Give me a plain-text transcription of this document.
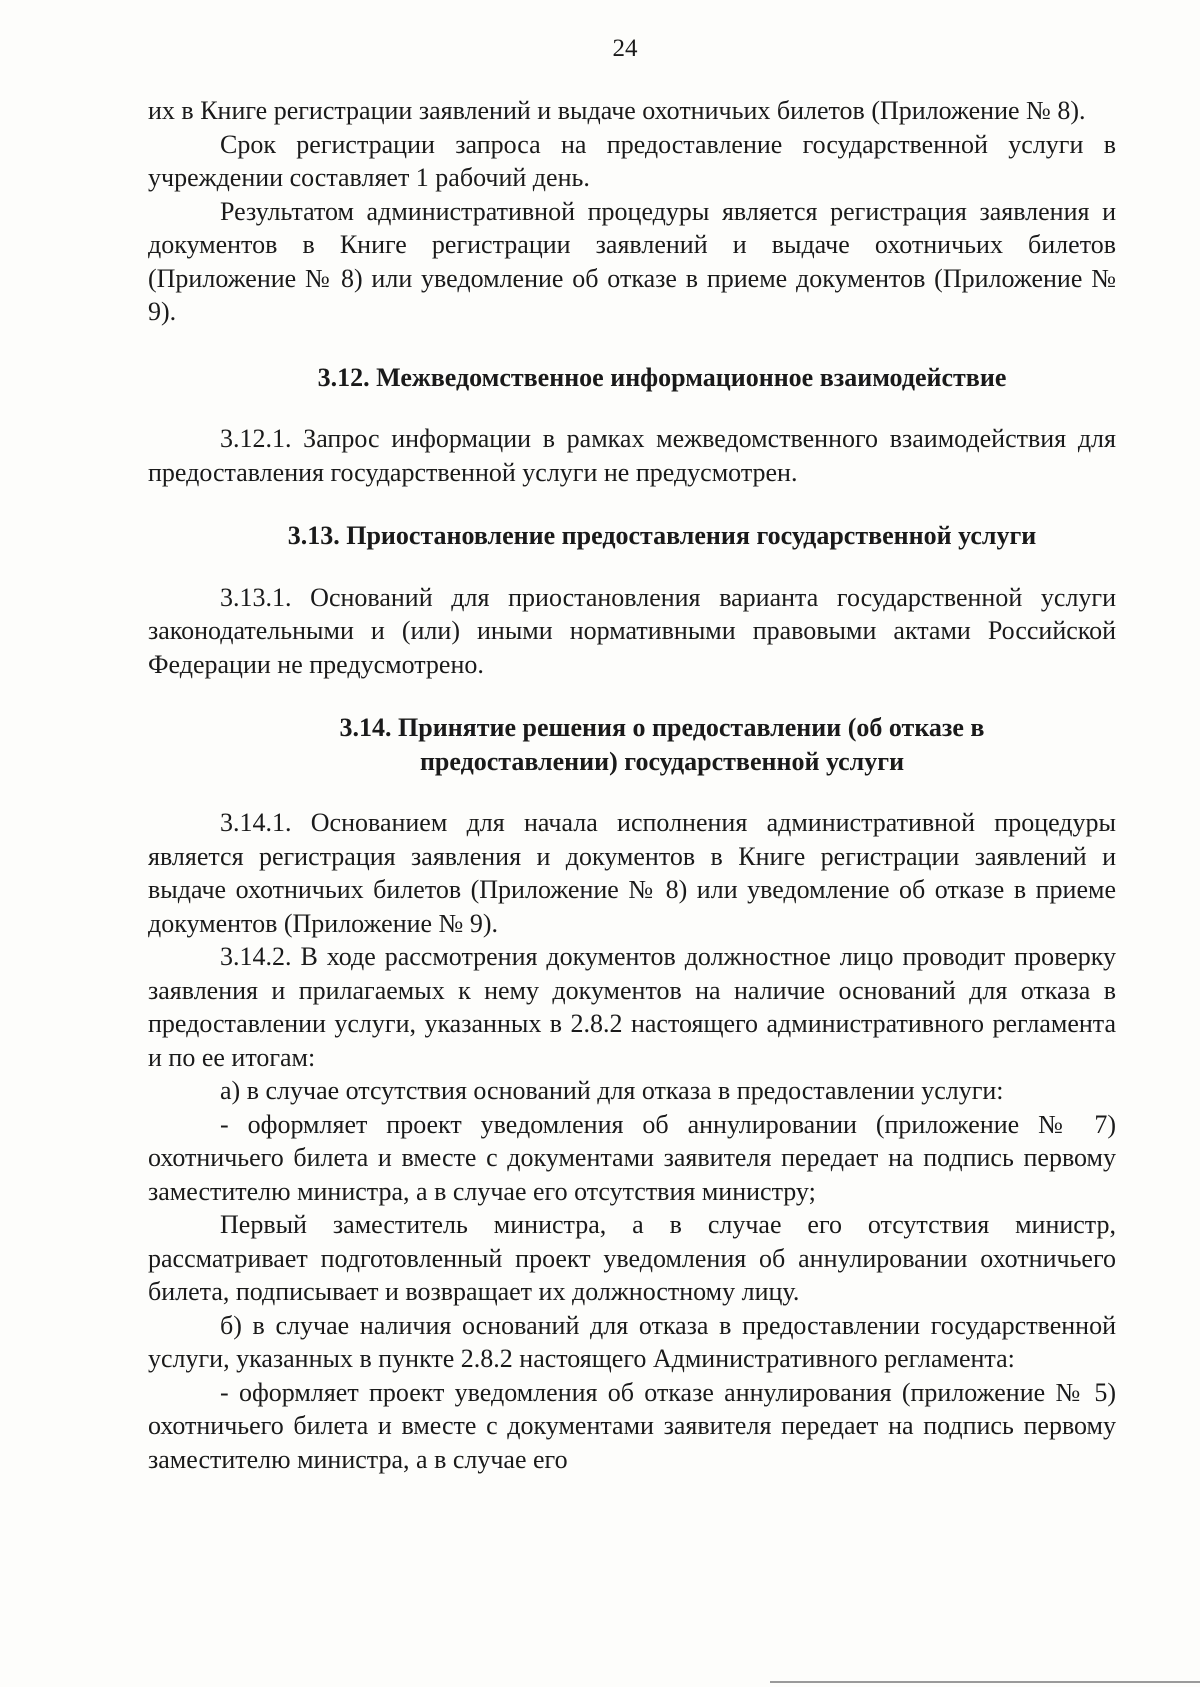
24

их в Книге регистрации заявлений и выдаче охотничьих билетов (Приложение № 8).

Срок регистрации запроса на предоставление государственной услуги в учреждении составляет 1 рабочий день.

Результатом административной процедуры является регистрация заявления и документов в Книге регистрации заявлений и выдаче охотничьих билетов (Приложение № 8) или уведомление об отказе в приеме документов (Приложение № 9).

3.12. Межведомственное информационное взаимодействие

3.12.1. Запрос информации в рамках межведомственного взаимодействия для предоставления государственной услуги не предусмотрен.

3.13. Приостановление предоставления государственной услуги

3.13.1. Оснований для приостановления варианта государственной услуги законодательными и (или) иными нормативными правовыми актами Российской Федерации не предусмотрено.

3.14. Принятие решения о предоставлении (об отказе в

предоставлении) государственной услуги

3.14.1. Основанием для начала исполнения административной процедуры является регистрация заявления и документов в Книге регистрации заявлений и выдаче охотничьих билетов (Приложение № 8) или уведомление об отказе в приеме документов (Приложение № 9).

3.14.2. В ходе рассмотрения документов должностное лицо проводит проверку заявления и прилагаемых к нему документов на наличие оснований для отказа в предоставлении услуги, указанных в 2.8.2 настоящего административного регламента и по ее итогам:

а) в случае отсутствия оснований для отказа в предоставлении услуги:

- оформляет проект уведомления об аннулировании (приложение № 7) охотничьего билета и вместе с документами заявителя передает на подпись первому заместителю министра, а в случае его отсутствия министру;

Первый заместитель министра, а в случае его отсутствия министр, рассматривает подготовленный проект уведомления об аннулировании охотничьего билета, подписывает и возвращает их должностному лицу.

б) в случае наличия оснований для отказа в предоставлении государственной услуги, указанных в пункте 2.8.2 настоящего Административного регламента:

- оформляет проект уведомления об отказе аннулирования (приложение № 5) охотничьего билета и вместе с документами заявителя передает на подпись первому заместителю министра, а в случае его
